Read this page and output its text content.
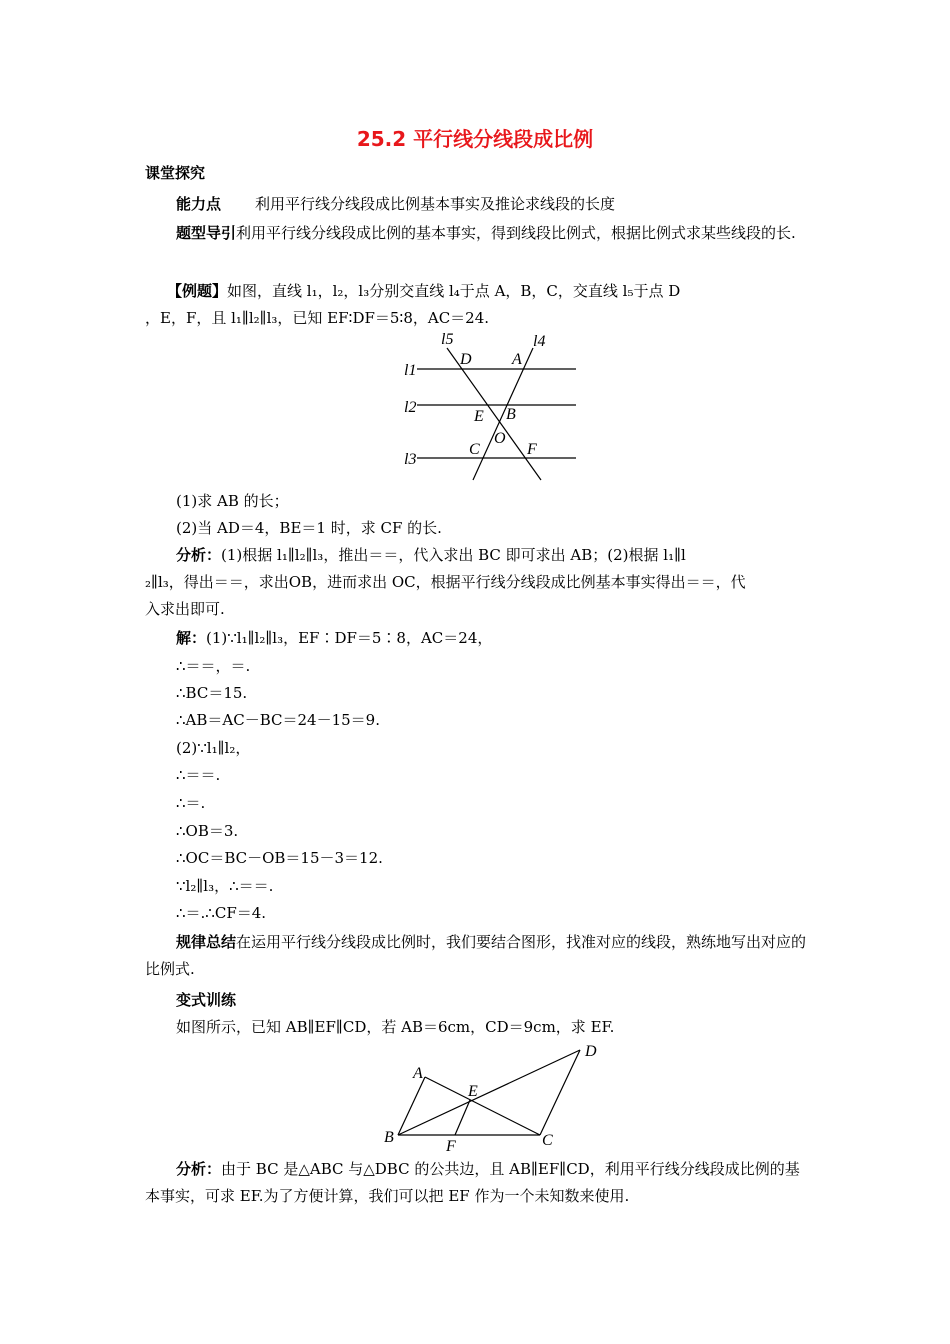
25.2 平行线分线段成比例
课堂探究
能力点 利用平行线分线段成比例基本事实及推论求线段的长度
题型导引利用平行线分线段成比例的基本事实，得到线段比例式，根据比例式求某些线段的长.
【例题】如图，直线 l₁，l₂，l₃分别交直线 l₄于点 A，B，C，交直线 l₅于点 D
，E，F，且 l₁∥l₂∥l₃，已知 EF∶DF＝5∶8，AC＝24.
l5	l4
D	A
l1
l2
E B
O
C	F
l3
(1)求 AB 的长；
(2)当 AD＝4，BE＝1 时，求 CF 的长.
分析：(1)根据 l₁∥l₂∥l₃，推出＝＝，代入求出 BC 即可求出 AB；(2)根据 l₁∥l
₂∥l₃，得出＝＝，求出OB，进而求出 OC，根据平行线分线段成比例基本事实得出＝＝，代
入求出即可.
解：(1)∵l₁∥l₂∥l₃，EF∶DF＝5∶8，AC＝24，
∴＝＝，＝.
∴BC＝15.
∴AB＝AC－BC＝24－15＝9.
(2)∵l₁∥l₂，
∴＝＝.
∴＝.
∴OB＝3.
∴OC＝BC－OB＝15－3＝12.
∵l₂∥l₃，∴＝＝.
∴＝.∴CF＝4.
规律总结在运用平行线分线段成比例时，我们要结合图形，找准对应的线段，熟练地写出对应的比例式.
变式训练
如图所示，已知 AB∥EF∥CD，若 AB＝6cm，CD＝9cm，求 EF.
A
E
D
B
F	C
分析：由于 BC 是△ABC 与△DBC 的公共边，且 AB∥EF∥CD，利用平行线分线段成比例的基本事实，可求 EF.为了方便计算，我们可以把 EF 作为一个未知数来使用.
